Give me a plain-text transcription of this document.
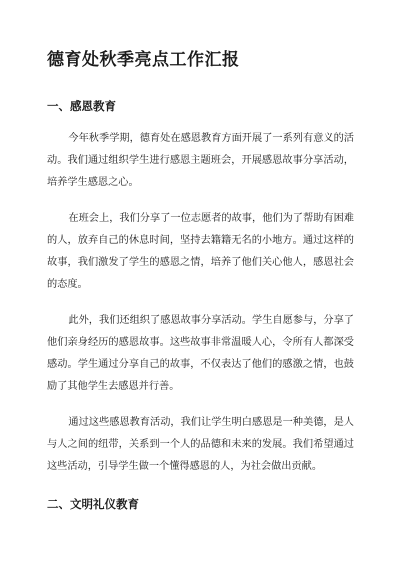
德育处秋季亮点工作汇报
一、感恩教育

今年秋季学期，德育处在感恩教育方面开展了一系列有意义的活动。我们通过组织学生进行感恩主题班会，开展感恩故事分享活动，培养学生感恩之心。

在班会上，我们分享了一位志愿者的故事，他们为了帮助有困难的人，放弃自己的休息时间，坚持去籍籍无名的小地方。通过这样的故事，我们激发了学生的感恩之情，培养了他们关心他人，感恩社会的态度。

此外，我们还组织了感恩故事分享活动。学生自愿参与，分享了他们亲身经历的感恩故事。这些故事非常温暖人心，令所有人都深受感动。学生通过分享自己的故事，不仅表达了他们的感激之情，也鼓励了其他学生去感恩并行善。

通过这些感恩教育活动，我们让学生明白感恩是一种美德，是人与人之间的纽带，关系到一个人的品德和未来的发展。我们希望通过这些活动，引导学生做一个懂得感恩的人，为社会做出贡献。

二、文明礼仪教育
